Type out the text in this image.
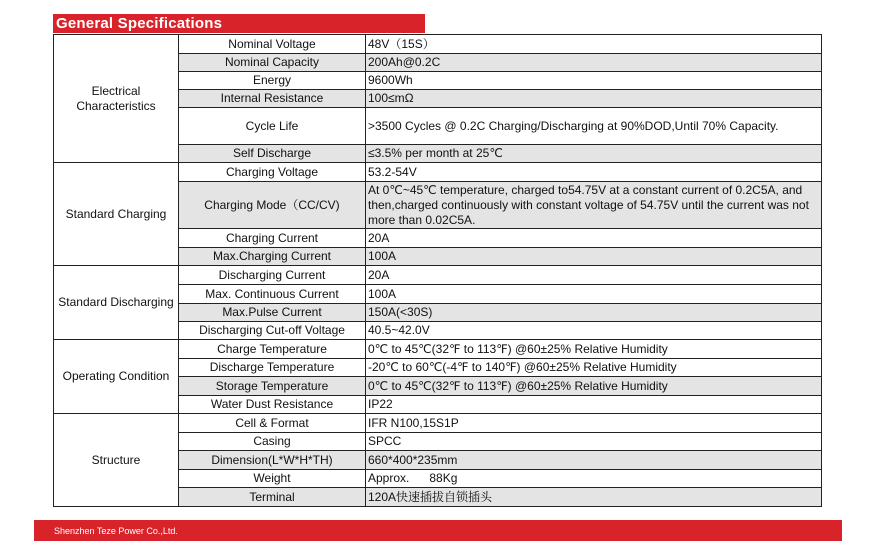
General Specifications
Electrical Characteristics	Nominal Voltage	48V（15S）
	Nominal Capacity	200Ah@0.2C
	Energy	9600Wh
	Internal Resistance	100≤mΩ
	Cycle Life	>3500 Cycles @ 0.2C Charging/Discharging at 90%DOD,Until 70% Capacity.
	Self Discharge	≤3.5% per month at 25℃
Standard Charging	Charging Voltage	53.2-54V
	Charging Mode（CC/CV)	At 0℃~45℃ temperature, charged to54.75V at a constant current of 0.2C5A, and then,charged continuously with constant voltage of 54.75V until the current was not more than 0.02C5A.
	Charging Current	20A
	Max.Charging Current	100A
Standard Discharging	Discharging Current	20A
	Max. Continuous Current	100A
	Max.Pulse Current	150A(<30S)
	Discharging Cut-off Voltage	40.5~42.0V
Operating Condition	Charge Temperature	0℃ to 45℃(32℉ to 113℉) @60±25% Relative Humidity
	Discharge Temperature	-20℃ to 60℃(-4℉ to 140℉) @60±25% Relative Humidity
	Storage Temperature	0℃ to 45℃(32℉ to 113℉) @60±25% Relative Humidity
	Water Dust Resistance	IP22
Structure	Cell & Format	IFR N100,15S1P
	Casing	SPCC
	Dimension(L*W*H*TH)	660*400*235mm
	Weight	Approx.      88Kg
	Terminal	120A快速插拔自锁插头
Shenzhen Teze Power Co.,Ltd.
